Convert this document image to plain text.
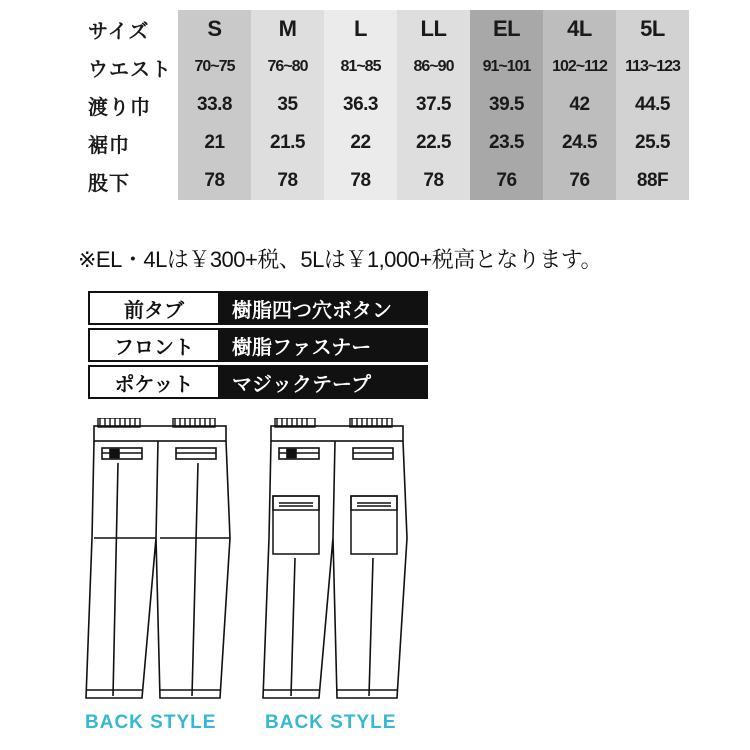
サイズ	S	M	L	LL	EL	4L	5L
ウエスト	70~75	76~80	81~85	86~90	91~101	102~112	113~123
渡り巾	33.8	35	36.3	37.5	39.5	42	44.5
裾巾	21	21.5	22	22.5	23.5	24.5	25.5
股下	78	78	78	78	76	76	88F
※EL・4Lは￥300+税、5Lは￥1,000+税高となります。
前タブ	樹脂四つ穴ボタン
フロント	樹脂ファスナー
ポケット	マジックテープ
BACK STYLE	BACK STYLE
